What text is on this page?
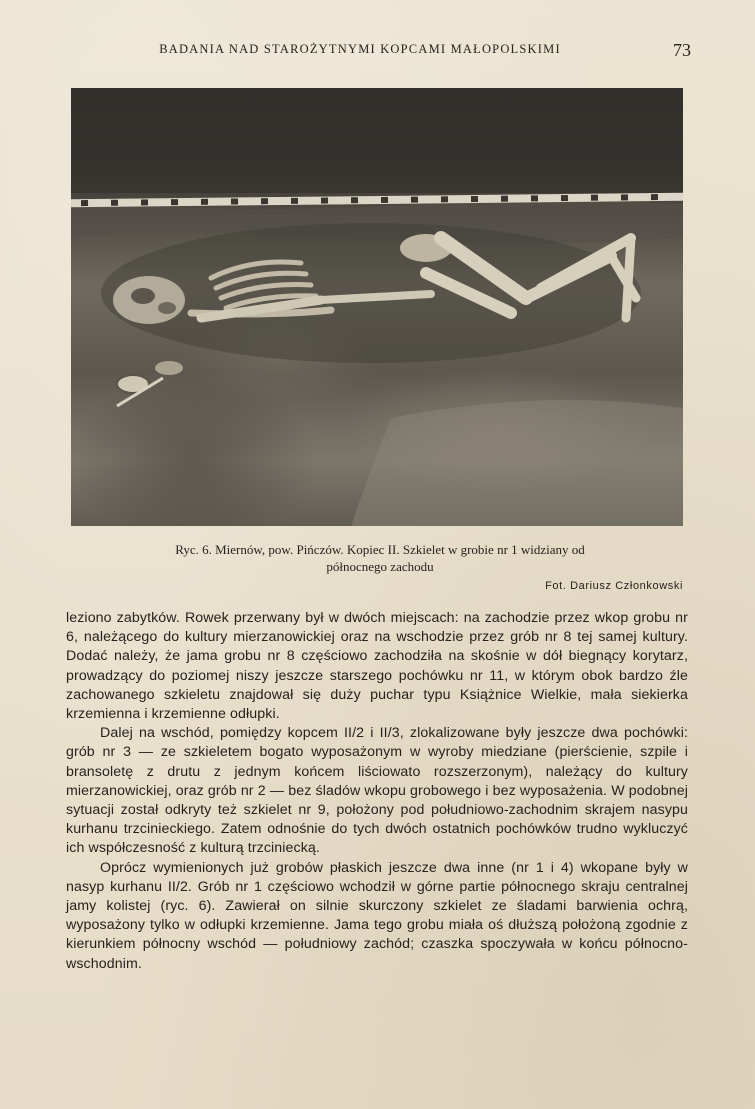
BADANIA NAD STAROŻYTNYMI KOPCAMI MAŁOPOLSKIMI	73
Ryc. 6. Miernów, pow. Pińczów. Kopiec II. Szkielet w grobie nr 1 widziany od
północnego zachodu
Fot. Dariusz Członkowski

leziono zabytków. Rowek przerwany był w dwóch miejscach: na zachodzie przez wkop grobu nr 6, należącego do kultury mierzanowickiej oraz na wschodzie przez grób nr 8 tej samej kultury. Dodać należy, że jama grobu nr 8 częściowo zachodziła na skośnie w dół biegnący korytarz, prowadzący do poziomej niszy jeszcze starszego pochówku nr 11, w którym obok bardzo źle zachowanego szkieletu znajdował się duży puchar typu Książnice Wielkie, mała siekierka krzemienna i krzemienne odłupki.

Dalej na wschód, pomiędzy kopcem II/2 i II/3, zlokalizowane były jeszcze dwa pochówki: grób nr 3 — ze szkieletem bogato wyposażonym w wyroby miedziane (pierścienie, szpile i bransoletę z drutu z jednym końcem liściowato rozszerzonym), należący do kultury mierzanowickiej, oraz grób nr 2 — bez śladów wkopu grobowego i bez wyposażenia. W podobnej sytuacji został odkryty też szkielet nr 9, położony pod południowo-zachodnim skrajem nasypu kurhanu trzcinieckiego. Zatem odnośnie do tych dwóch ostatnich pochówków trudno wykluczyć ich współczesność z kulturą trzciniecką.

Oprócz wymienionych już grobów płaskich jeszcze dwa inne (nr 1 i 4) wkopane były w nasyp kurhanu II/2. Grób nr 1 częściowo wchodził w górne partie północnego skraju centralnej jamy kolistej (ryc. 6). Zawierał on silnie skurczony szkielet ze śladami barwienia ochrą, wyposażony tylko w odłupki krzemienne. Jama tego grobu miała oś dłuższą położoną zgodnie z kierunkiem północny wschód — południowy zachód; czaszka spoczywała w końcu północno-wschodnim.
